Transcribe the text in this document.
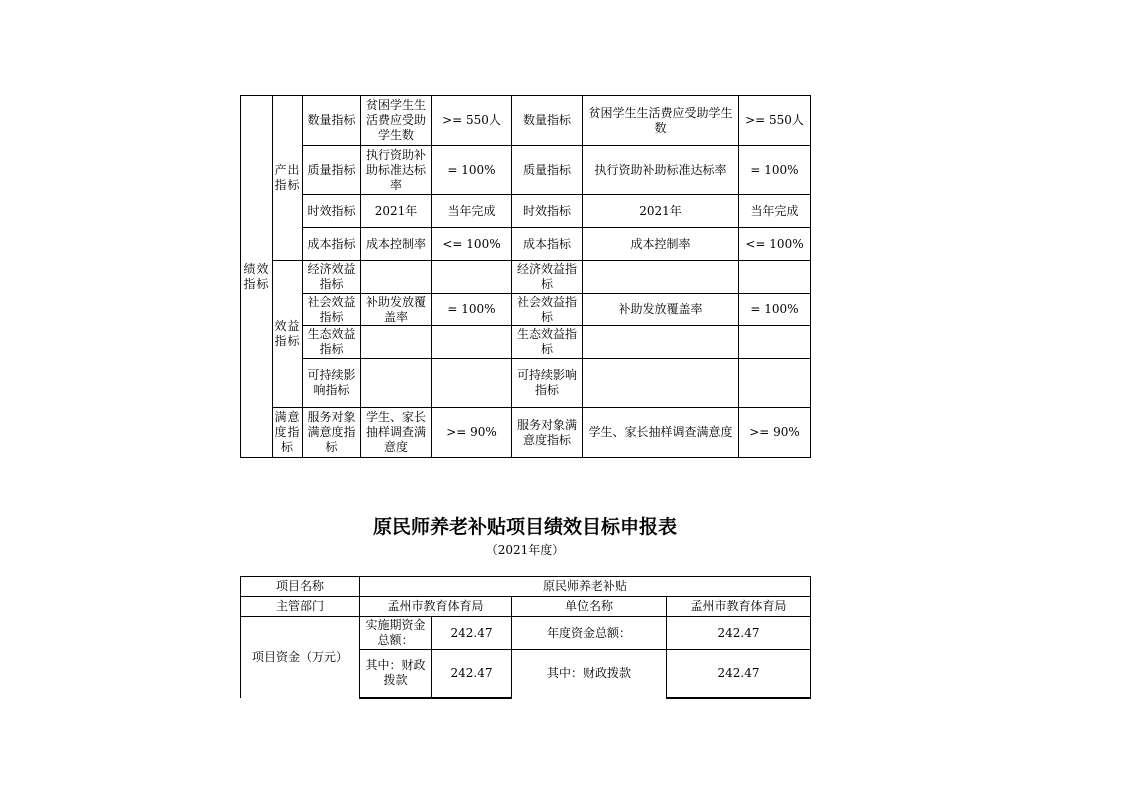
绩效指标	产出指标	数量指标	贫困学生生活费应受助学生数	>= 550人	数量指标	贫困学生生活费应受助学生数	>= 550人
		质量指标	执行资助补助标准达标率	= 100%	质量指标	执行资助补助标准达标率	= 100%
		时效指标	2021年	当年完成	时效指标	2021年	当年完成
		成本指标	成本控制率	<= 100%	成本指标	成本控制率	<= 100%
	效益指标	经济效益指标			经济效益指标		
		社会效益指标	补助发放覆盖率	= 100%	社会效益指标	补助发放覆盖率	= 100%
		生态效益指标			生态效益指标		
		可持续影响指标			可持续影响指标		
	满意度指标	服务对象满意度指标	学生、家长抽样调查满意度	>= 90%	服务对象满意度指标	学生、家长抽样调查满意度	>= 90%
原民师养老补贴项目绩效目标申报表
（2021年度）
项目名称	原民师养老补贴			
主管部门	孟州市教育体育局		单位名称	孟州市教育体育局
项目资金（万元）	实施期资金总额：	242.47	年度资金总额：	242.47
	其中：财政拨款	242.47	其中：财政拨款	242.47
